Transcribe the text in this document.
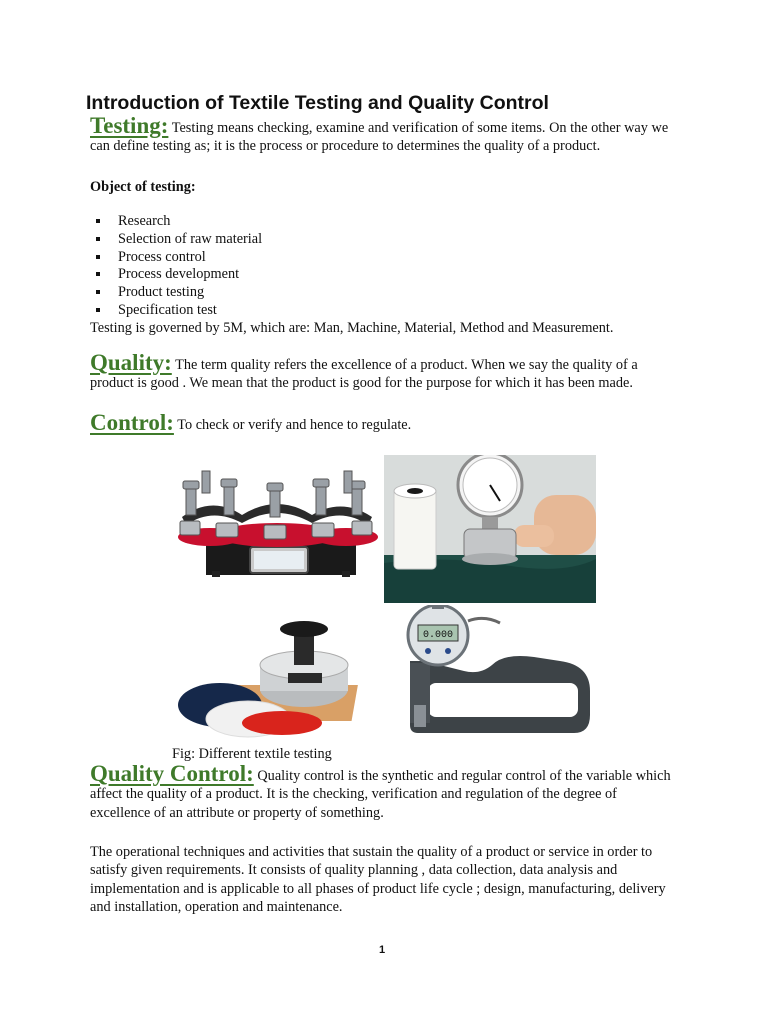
Introduction of Textile Testing and Quality Control
Testing: Testing means checking, examine and verification of some items. On the other way we can define testing as; it is the process or procedure to determines the quality of a product.
Object of testing:
Research
Selection of raw material
Process control
Process development
Product testing
Specification test
Testing is governed by 5M, which are: Man, Machine, Material, Method and Measurement.
Quality: The term quality refers the excellence of a product. When we say the quality of a product is good . We mean that the product is good for the purpose for which it has been made.
Control: To check or verify and hence to regulate.
0.000
Fig: Different textile testing
Quality Control: Quality control is the synthetic and regular control of the variable which affect the quality of a product. It is the checking, verification and regulation of the degree of excellence of an attribute or property of something.
The operational techniques and activities that sustain the quality of a product or service in order to satisfy given requirements. It consists of quality planning , data collection, data analysis and implementation and is applicable to all phases of product life cycle ; design, manufacturing, delivery and installation, operation and maintenance.
1
